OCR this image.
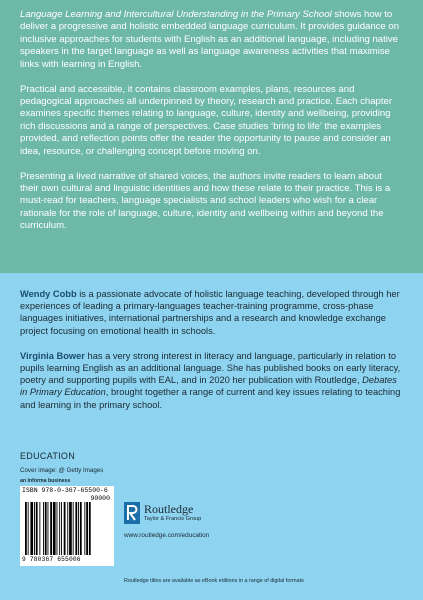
Language Learning and Intercultural Understanding in the Primary School shows how to deliver a progressive and holistic embedded language curriculum. It provides guidance on inclusive approaches for students with English as an additional language, including native speakers in the target language as well as language awareness activities that maximise links with learning in English.

Practical and accessible, it contains classroom examples, plans, resources and pedagogical approaches all underpinned by theory, research and practice. Each chapter examines specific themes relating to language, culture, identity and wellbeing, providing rich discussions and a range of perspectives. Case studies ‘bring to life’ the examples provided, and reflection points offer the reader the opportunity to pause and consider an idea, resource, or challenging concept before moving on.

Presenting a lived narrative of shared voices, the authors invite readers to learn about their own cultural and linguistic identities and how these relate to their practice. This is a must-read for teachers, language specialists and school leaders who wish for a clear rationale for the role of language, culture, identity and wellbeing within and beyond the curriculum.

Wendy Cobb is a passionate advocate of holistic language teaching, developed through her experiences of leading a primary-languages teacher-training programme, cross-phase languages initiatives, international partnerships and a research and knowledge exchange project focusing on emotional health in schools.

Virginia Bower has a very strong interest in literacy and language, particularly in relation to pupils learning English as an additional language. She has published books on early literacy, poetry and supporting pupils with EAL, and in 2020 her publication with Routledge, Debates in Primary Education, brought together a range of current and key issues relating to teaching and learning in the primary school.

EDUCATION
Cover image: @ Getty Images
an informa business
ISBN 978-0-367-65500-6
90000
9 780367 655006
Routledge
Taylor & Francis Group
www.routledge.com/education
Routledge titles are available as eBook editions in a range of digital formats
